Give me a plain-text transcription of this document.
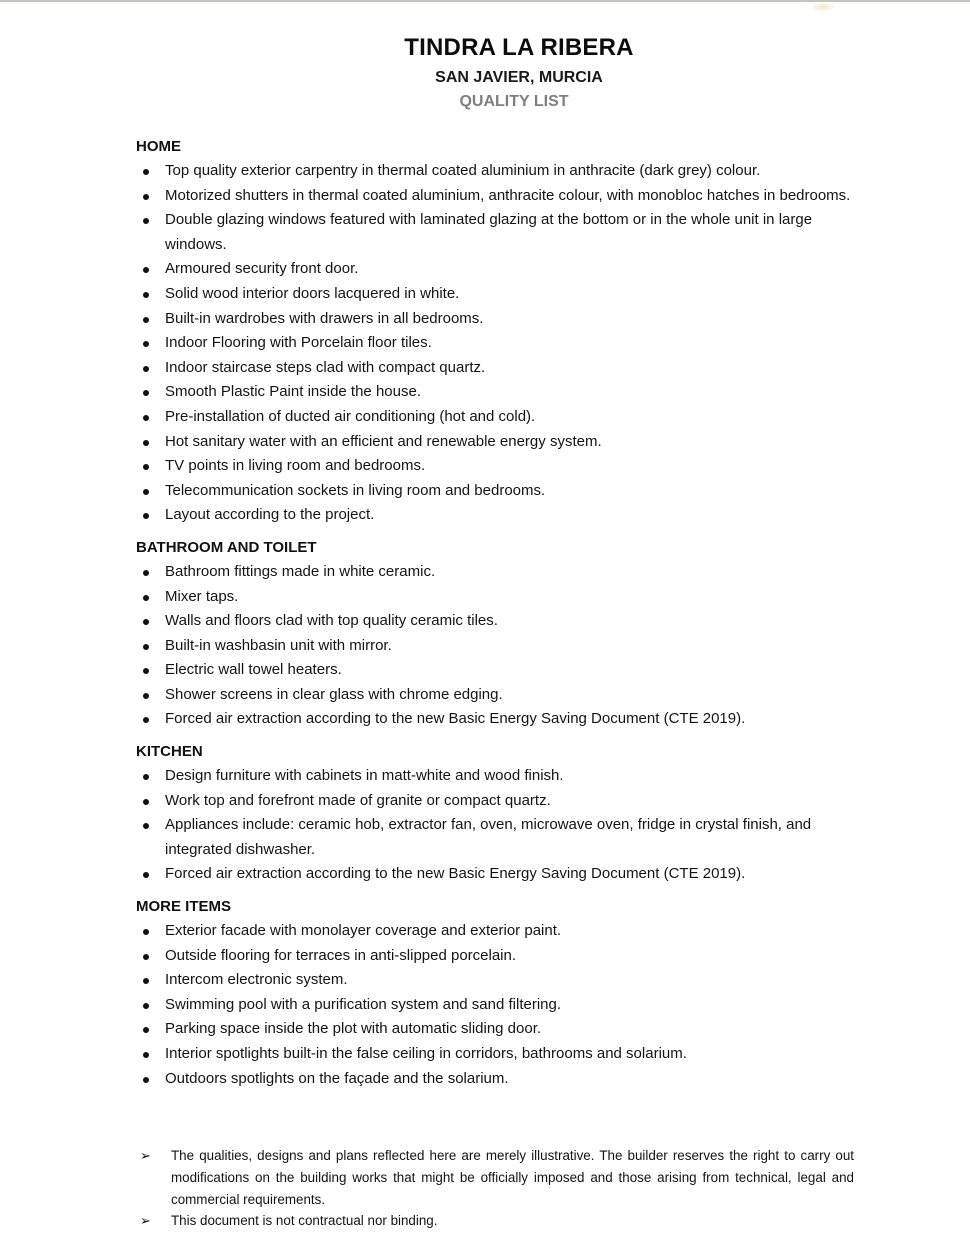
TINDRA LA RIBERA
SAN JAVIER, MURCIA
QUALITY LIST
HOME
Top quality exterior carpentry in thermal coated aluminium in anthracite (dark grey) colour.
Motorized shutters in thermal coated aluminium, anthracite colour, with monobloc hatches in bedrooms.
Double glazing windows featured with laminated glazing at the bottom or in the whole unit in large windows.
Armoured security front door.
Solid wood interior doors lacquered in white.
Built-in wardrobes with drawers in all bedrooms.
Indoor Flooring with Porcelain floor tiles.
Indoor staircase steps clad with compact quartz.
Smooth Plastic Paint inside the house.
Pre-installation of ducted air conditioning (hot and cold).
Hot sanitary water with an efficient and renewable energy system.
TV points in living room and bedrooms.
Telecommunication sockets in living room and bedrooms.
Layout according to the project.
BATHROOM AND TOILET
Bathroom fittings made in white ceramic.
Mixer taps.
Walls and floors clad with top quality ceramic tiles.
Built-in washbasin unit with mirror.
Electric wall towel heaters.
Shower screens in clear glass with chrome edging.
Forced air extraction according to the new Basic Energy Saving Document (CTE 2019).
KITCHEN
Design furniture with cabinets in matt-white and wood finish.
Work top and forefront made of granite or compact quartz.
Appliances include: ceramic hob, extractor fan, oven, microwave oven, fridge in crystal finish, and integrated dishwasher.
Forced air extraction according to the new Basic Energy Saving Document (CTE 2019).
MORE ITEMS
Exterior facade with monolayer coverage and exterior paint.
Outside flooring for terraces in anti-slipped porcelain.
Intercom electronic system.
Swimming pool with a purification system and sand filtering.
Parking space inside the plot with automatic sliding door.
Interior spotlights built-in the false ceiling in corridors, bathrooms and solarium.
Outdoors spotlights on the façade and the solarium.
➢ The qualities, designs and plans reflected here are merely illustrative. The builder reserves the right to carry out modifications on the building works that might be officially imposed and those arising from technical, legal and commercial requirements.
➢ This document is not contractual nor binding.
